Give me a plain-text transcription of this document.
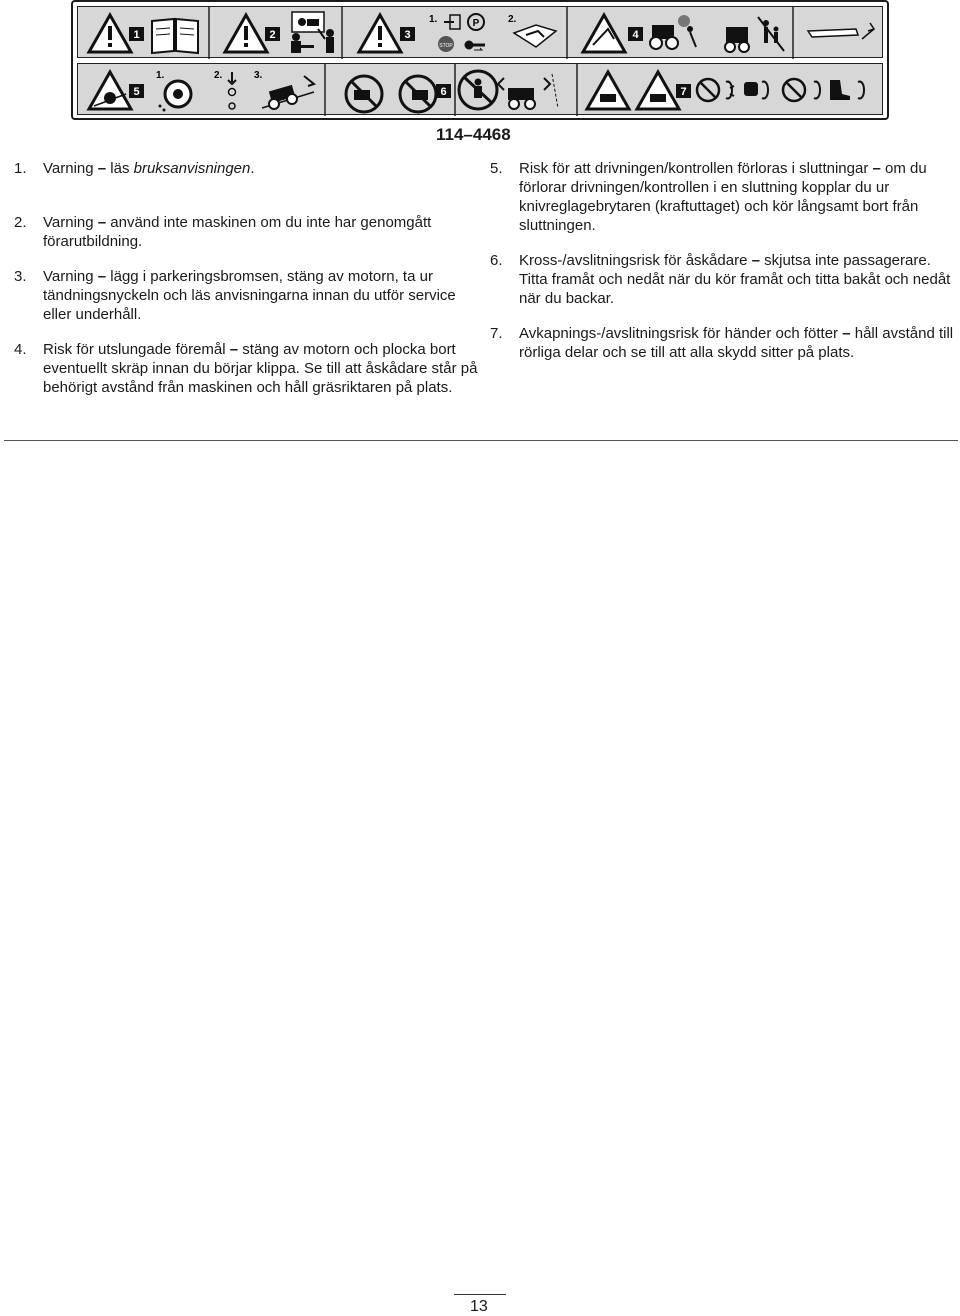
1	2	3
1.	P
STOP
2.
4
5
1.	2.	3.
6	7
114–4468
1. Varning – läs bruksanvisningen.
2. Varning – använd inte maskinen om du inte har genomgått förarutbildning.
3. Varning – lägg i parkeringsbromsen, stäng av motorn, ta ur tändningsnyckeln och läs anvisningarna innan du utför service eller underhåll.
4. Risk för utslungade föremål – stäng av motorn och plocka bort eventuellt skräp innan du börjar klippa. Se till att åskådare står på behörigt avstånd från maskinen och håll gräsriktaren på plats.
5. Risk för att drivningen/kontrollen förloras i sluttningar – om du förlorar drivningen/kontrollen i en sluttning kopplar du ur knivreglagebrytaren (kraftuttaget) och kör långsamt bort från sluttningen.
6. Kross-/avslitningsrisk för åskådare – skjutsa inte passagerare. Titta framåt och nedåt när du kör framåt och titta bakåt och nedåt när du backar.
7. Avkapnings-/avslitningsrisk för händer och fötter – håll avstånd till rörliga delar och se till att alla skydd sitter på plats.
13
